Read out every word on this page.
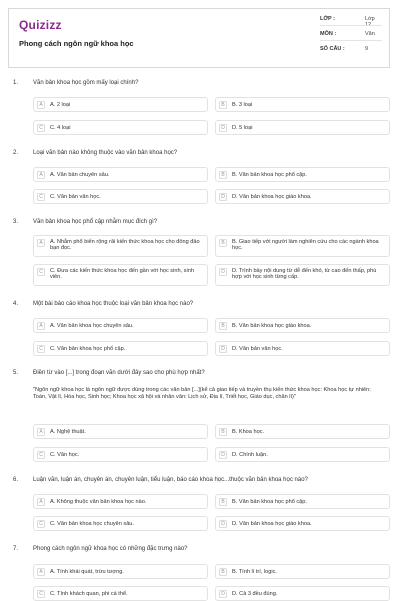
Quizizz
Phong cách ngôn ngữ khoa học
LỚP :	Lớp
MÔN :	Văn
SỐ CÂU :	9
1. Văn bản khoa học gồm mấy loại chính?
A	A. 2 loại	B	B. 3 loại
C	C. 4 loại	D	D. 5 loại
2. Loại văn bản nào không thuộc vào văn bản khoa học?
A	A. Văn bản chuyên sâu.	B	B. Văn bản khoa học phổ cập.
C	C. Văn bản văn học.	D	D. Văn bản khoa học giáo khoa.
3. Văn bản khoa học phổ cập nhằm mục đích gì?
A	A. Nhằm phổ biến rộng rãi kiến thức khoa học cho đông đảo bạn đọc.
B	B. Giao tiếp với người làm nghiên cứu cho các ngành khoa học.
C	C. Đưa các kiến thức khoa học đến gần với học sinh, sinh viên.
D	D. Trình bày nội dung từ dễ đến khó, từ cao đến thấp, phù hợp với học sinh từng cấp.
4. Một bài báo cáo khoa học thuộc loại văn bản khoa học nào?
A	A. Văn bản khoa học chuyên sâu.	B	B. Văn bản khoa học giáo khoa.
C	C. Văn bản khoa học phổ cập.	D	D. Văn bản văn học.
5. Điền từ vào [...] trong đoạn văn dưới đây sao cho phù hợp nhất?
"Ngôn ngữ khoa học là ngôn ngữ được dùng trong các văn bản [...](kể cả giao tiếp và truyền thụ kiến thức khoa học: Khoa học tự nhiên: Toán, Vật lí, Hóa học, Sinh học; Khoa học xã hội và nhân văn: Lịch sử, Địa lí, Triết học, Giáo dục, chân lí)"
A	A. Nghệ thuật.	B	B. Khoa học.
C	C. Văn học.	D	D. Chính luận.
6. Luận văn, luận án, chuyên án, chuyên luận, tiểu luận, báo cáo khoa học...thuộc văn bản khoa học nào?
A	A. Không thuộc văn bản khoa học nào.	B	B. Văn bản khoa học phổ cập.
C	C. Văn bản khoa học chuyên sâu.	D	D. Văn bản khoa học giáo khoa.
7. Phong cách ngôn ngữ khoa học có những đặc trưng nào?
A	A. Tính khái quát, trừu tượng.	B	B. Tính lí trí, logic.
C	C. Tính khách quan, phi cá thể.	D	D. Cả 3 đều đúng.
